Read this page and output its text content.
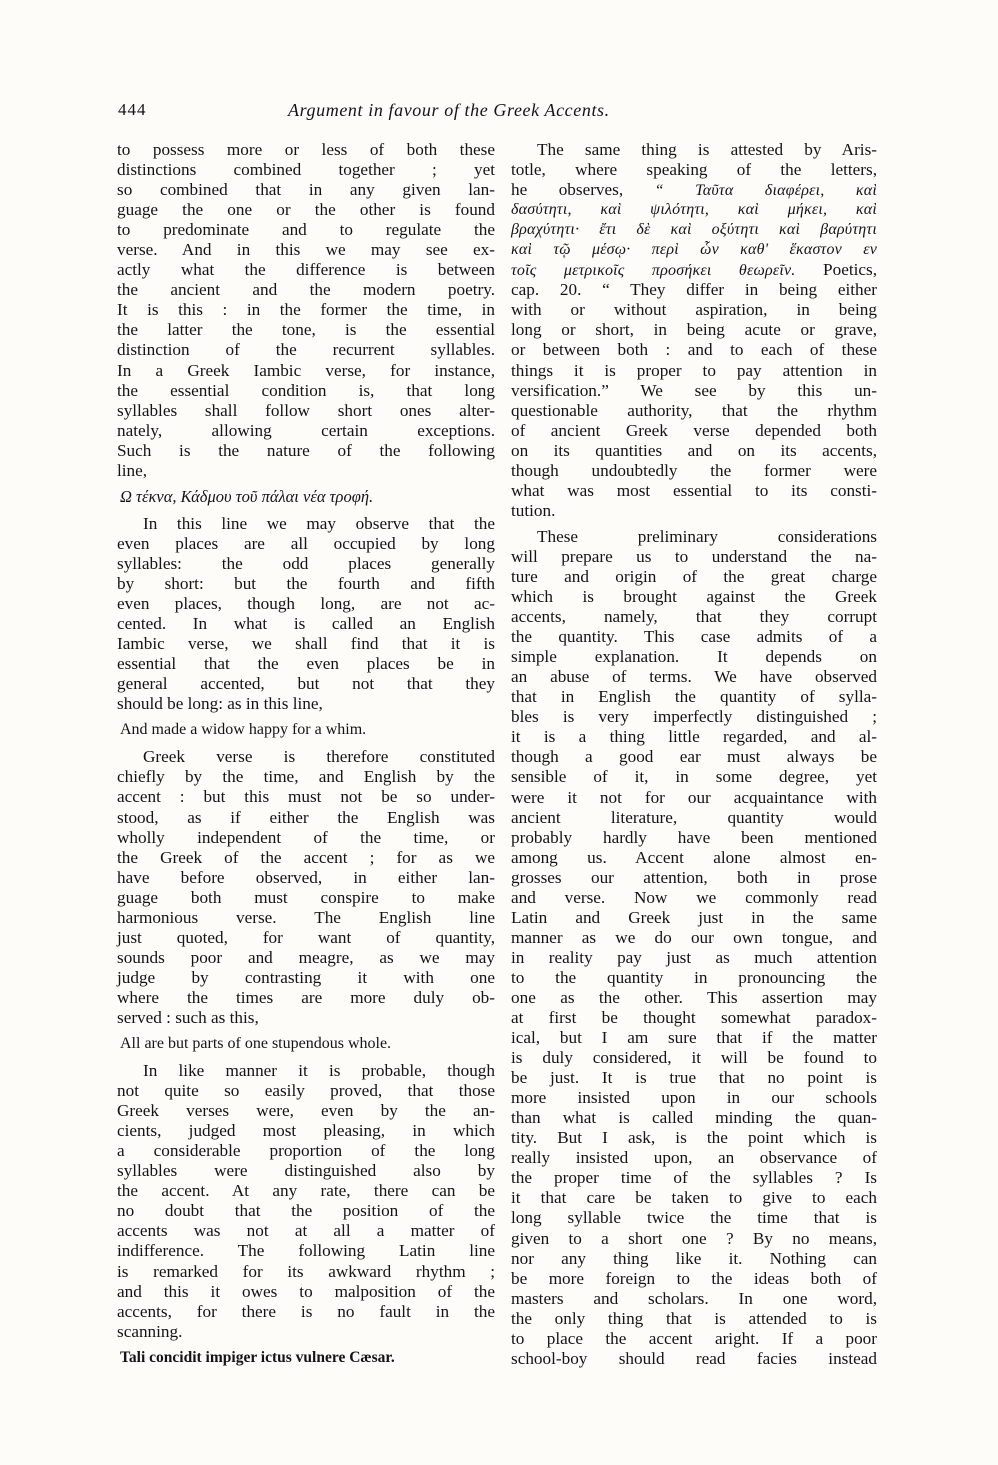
444	Argument in favour of the Greek Accents.
to possess more or less of both these
distinctions combined together ; yet
so combined that in any given lan-
guage the one or the other is found
to predominate and to regulate the
verse. And in this we may see ex-
actly what the difference is between
the ancient and the modern poetry.
It is this : in the former the time, in
the latter the tone, is the essential
distinction of the recurrent syllables.
In a Greek Iambic verse, for instance,
the essential condition is, that long
syllables shall follow short ones alter-
nately, allowing certain exceptions.
Such is the nature of the following
line,
Ω τέκνα, Κάδμου τοῦ πάλαι νέα τροφή.
In this line we may observe that the
even places are all occupied by long
syllables: the odd places generally
by short: but the fourth and fifth
even places, though long, are not ac-
cented. In what is called an English
Iambic verse, we shall find that it is
essential that the even places be in
general accented, but not that they
should be long: as in this line,
And made a widow happy for a whim.
Greek verse is therefore constituted
chiefly by the time, and English by the
accent : but this must not be so under-
stood, as if either the English was
wholly independent of the time, or
the Greek of the accent ; for as we
have before observed, in either lan-
guage both must conspire to make
harmonious verse. The English line
just quoted, for want of quantity,
sounds poor and meagre, as we may
judge by contrasting it with one
where the times are more duly ob-
served : such as this,
All are but parts of one stupendous whole.
In like manner it is probable, though
not quite so easily proved, that those
Greek verses were, even by the an-
cients, judged most pleasing, in which
a considerable proportion of the long
syllables were distinguished also by
the accent. At any rate, there can be
no doubt that the position of the
accents was not at all a matter of
indifference. The following Latin line
is remarked for its awkward rhythm ;
and this it owes to malposition of the
accents, for there is no fault in the
scanning.
Tali concidit impiger ictus vulnere Cæsar.
The same thing is attested by Aris-
totle, where speaking of the letters,
he observes, “ Ταῦτα διαφέρει, καὶ
δασύτητι, καὶ ψιλότητι, καὶ μήκει, καὶ
βραχύτητι· ἔτι δὲ καὶ οξύτητι καὶ βαρύτητι
καὶ τῷ μέσῳ· περὶ ὧν καθ' ἕκαστον εν
τοῖς μετρικοῖς προσήκει θεωρεῖν. Poetics,
cap. 20. “ They differ in being either
with or without aspiration, in being
long or short, in being acute or grave,
or between both : and to each of these
things it is proper to pay attention in
versification.” We see by this un-
questionable authority, that the rhythm
of ancient Greek verse depended both
on its quantities and on its accents,
though undoubtedly the former were
what was most essential to its consti-
tution.
These preliminary considerations
will prepare us to understand the na-
ture and origin of the great charge
which is brought against the Greek
accents, namely, that they corrupt
the quantity. This case admits of a
simple explanation. It depends on
an abuse of terms. We have observed
that in English the quantity of sylla-
bles is very imperfectly distinguished ;
it is a thing little regarded, and al-
though a good ear must always be
sensible of it, in some degree, yet
were it not for our acquaintance with
ancient literature, quantity would
probably hardly have been mentioned
among us. Accent alone almost en-
grosses our attention, both in prose
and verse. Now we commonly read
Latin and Greek just in the same
manner as we do our own tongue, and
in reality pay just as much attention
to the quantity in pronouncing the
one as the other. This assertion may
at first be thought somewhat paradox-
ical, but I am sure that if the matter
is duly considered, it will be found to
be just. It is true that no point is
more insisted upon in our schools
than what is called minding the quan-
tity. But I ask, is the point which is
really insisted upon, an observance of
the proper time of the syllables ? Is
it that care be taken to give to each
long syllable twice the time that is
given to a short one ? By no means,
nor any thing like it. Nothing can
be more foreign to the ideas both of
masters and scholars. In one word,
the only thing that is attended to is
to place the accent aright. If a poor
school-boy should read facies instead
